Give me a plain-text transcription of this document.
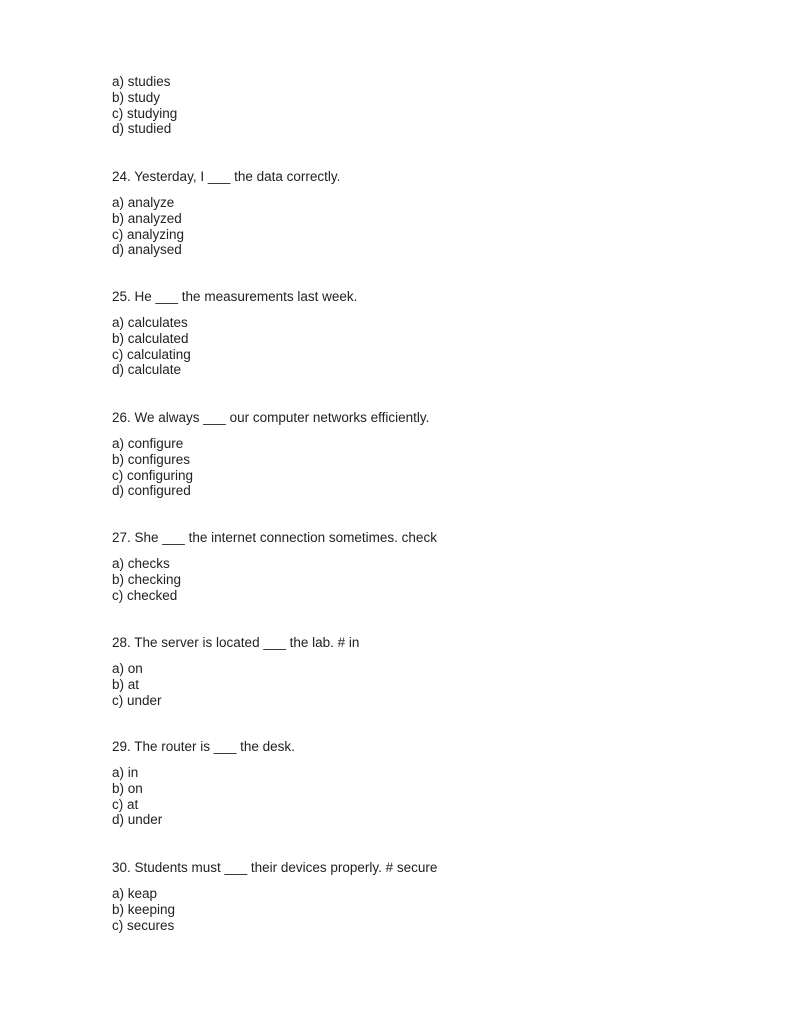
a) studies
b) study
c) studying
d) studied

24. Yesterday, I ___ the data correctly.

a) analyze
b) analyzed
c) analyzing
d) analysed

25. He ___ the measurements last week.

a) calculates
b) calculated
c) calculating
d) calculate

26. We always ___ our computer networks efficiently.

a) configure
b) configures
c) configuring
d) configured

27. She ___ the internet connection sometimes. check

a) checks
b) checking
c) checked

28. The server is located ___ the lab. # in

a) on
b) at
c) under

29. The router is ___ the desk.

a) in
b) on
c) at
d) under

30. Students must ___ their devices properly. # secure

a) keap
b) keeping
c) secures
